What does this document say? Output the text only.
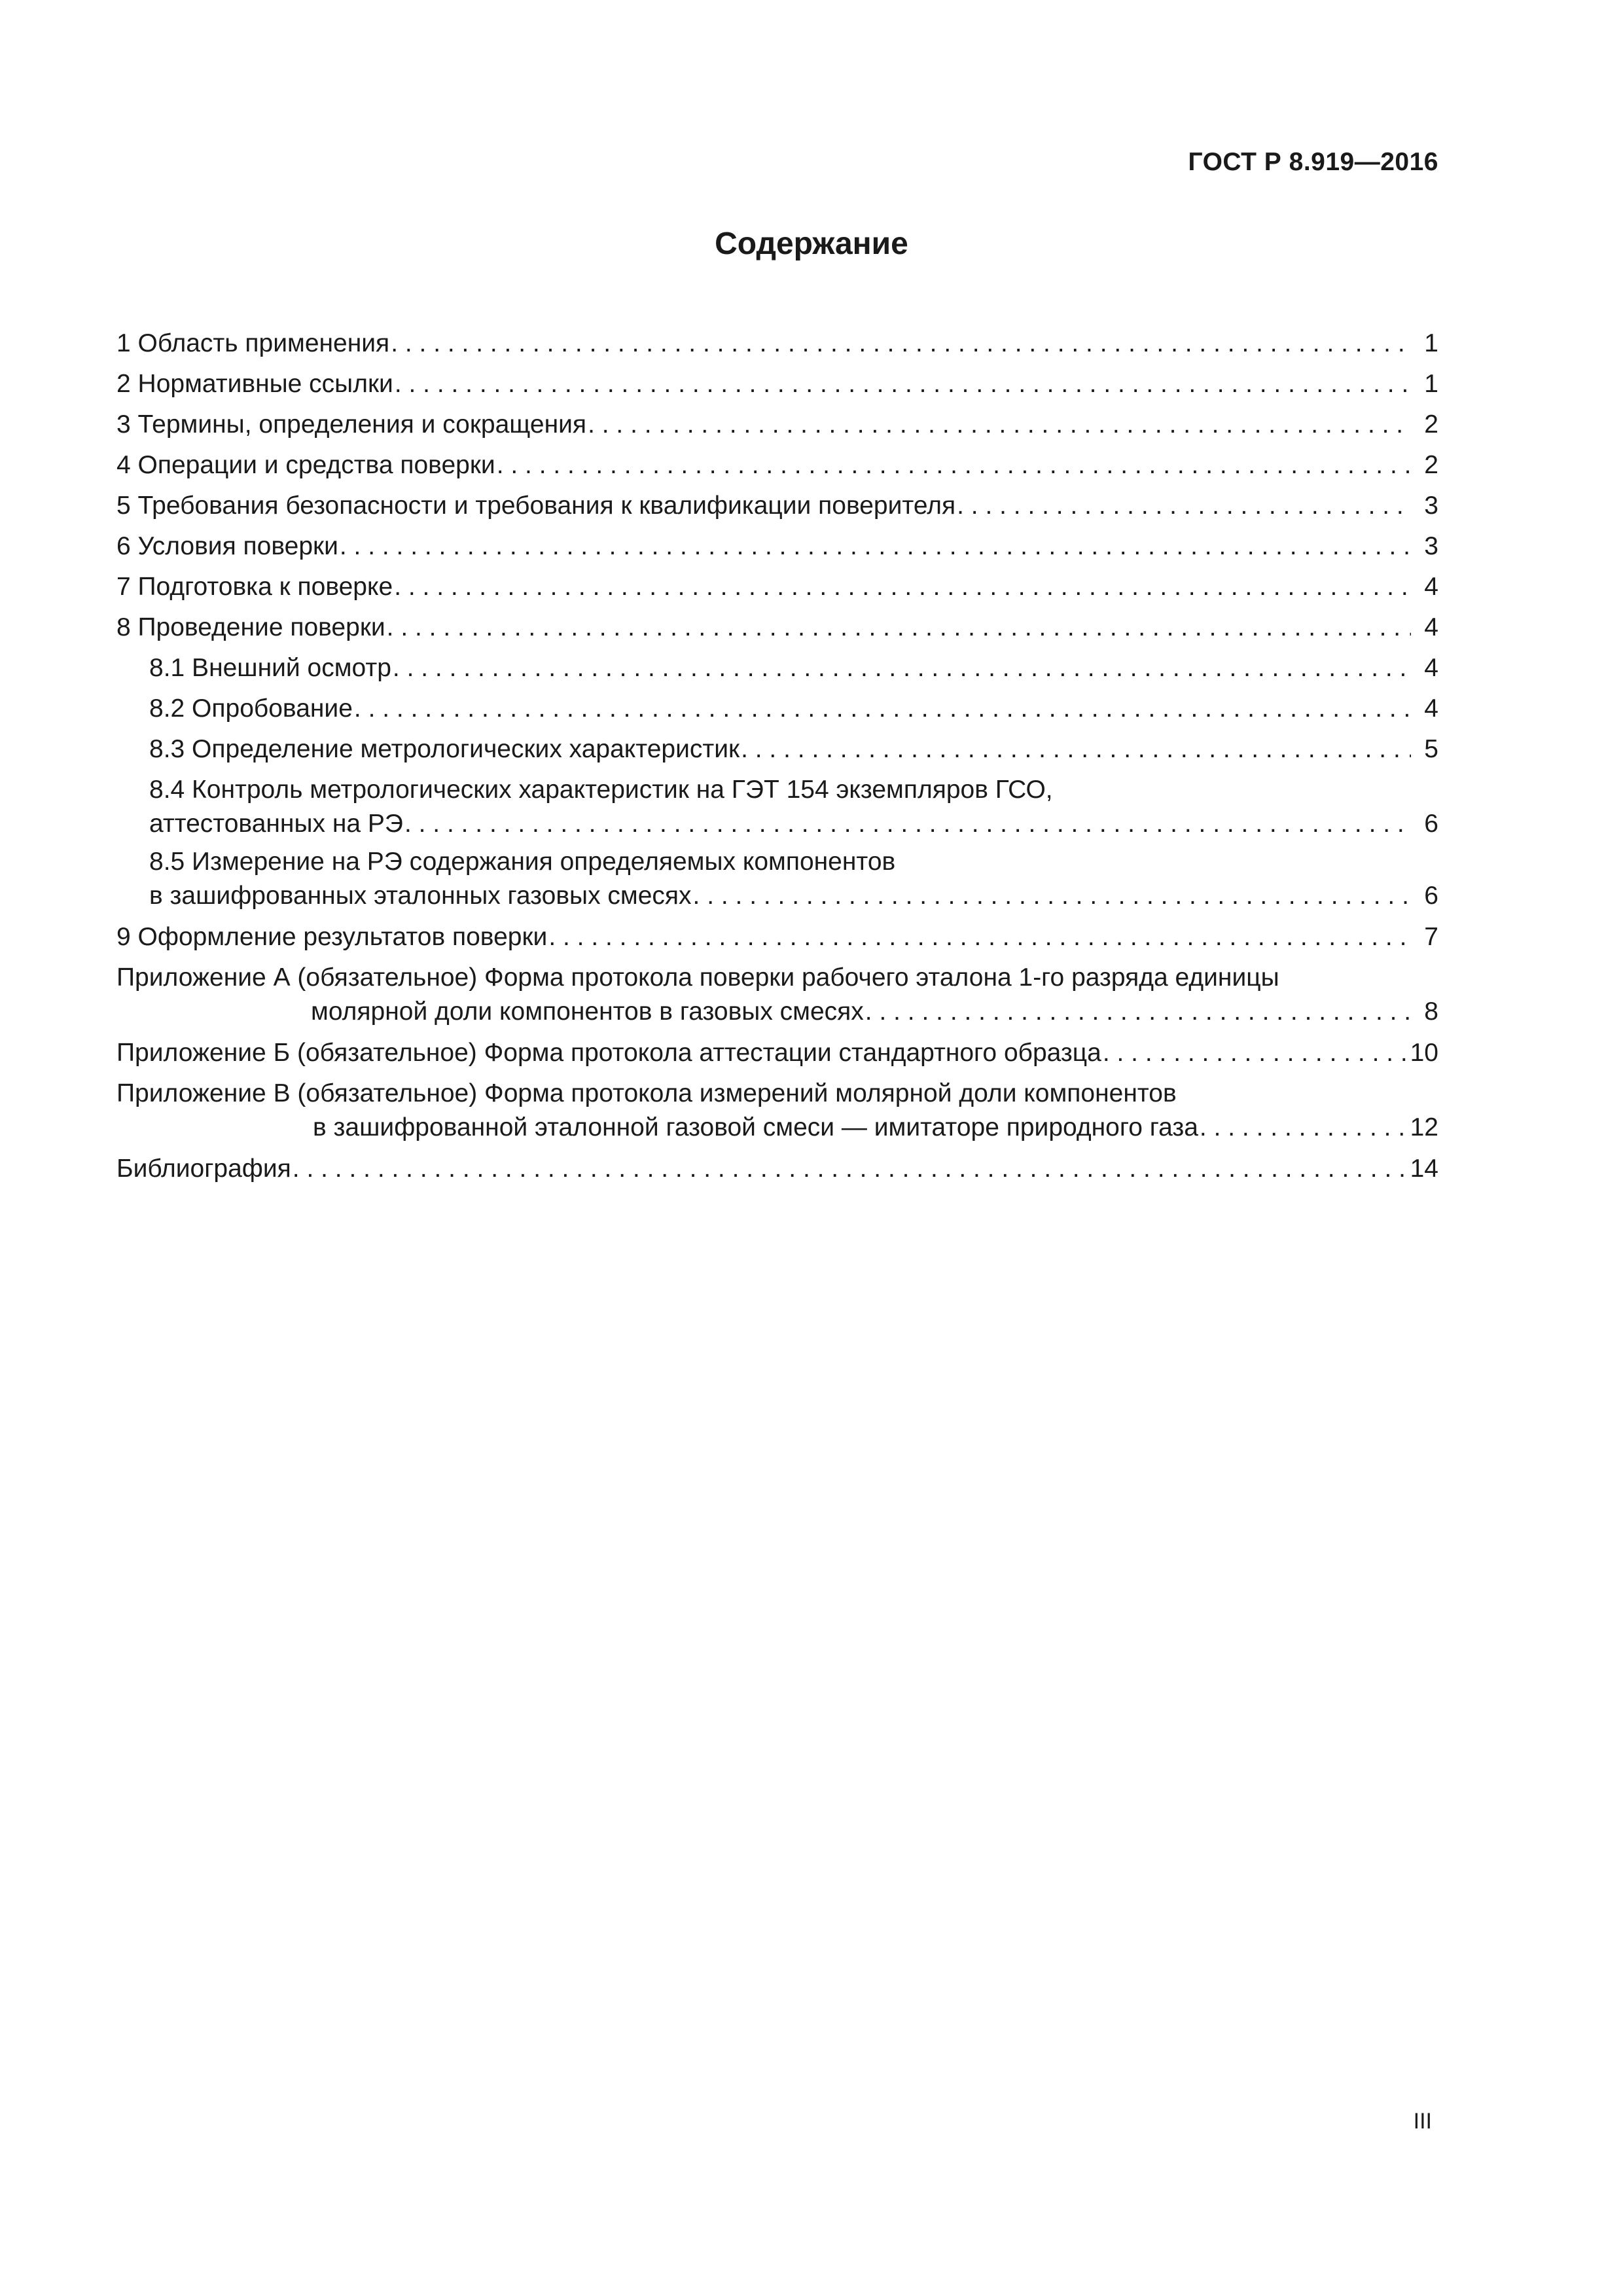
ГОСТ Р 8.919—2016
Содержание
1 Область применения . . .	1
2 Нормативные ссылки . . .	1
3 Термины, определения и сокращения . . .	2
4 Операции и средства поверки . . .	2
5 Требования безопасности и требования к квалификации поверителя . . .	3
6 Условия поверки . . .	3
7 Подготовка к поверке . . .	4
8 Проведение поверки . . .	4
8.1 Внешний осмотр . . .	4
8.2 Опробование . . .	4
8.3 Определение метрологических характеристик . . .	5
8.4 Контроль метрологических характеристик на ГЭТ 154 экземпляров ГСО,
аттестованных на РЭ . . .	6
8.5 Измерение на РЭ содержания определяемых компонентов
в зашифрованных эталонных газовых смесях . . .	6
9 Оформление результатов поверки . . .	7
Приложение А (обязательное) Форма протокола поверки рабочего эталона 1-го разряда единицы
молярной доли компонентов в газовых смесях . . .	8
Приложение Б (обязательное) Форма протокола аттестации стандартного образца . . .	10
Приложение В (обязательное) Форма протокола измерений молярной доли компонентов
в зашифрованной эталонной газовой смеси — имитаторе природного газа . . .	12
Библиография . . .	14
III
